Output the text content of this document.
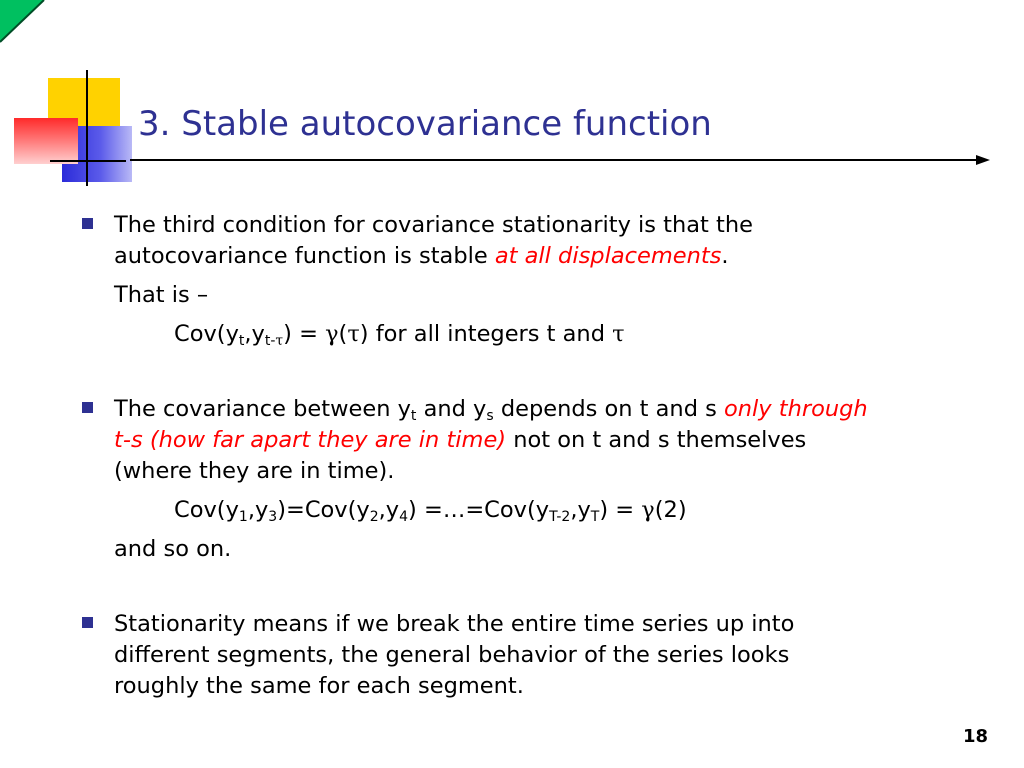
3. Stable autocovariance function
The third condition for covariance stationarity is that the
autocovariance function is stable at all displacements.
That is –
$Cov(y_t,y_{t-\tau}) = \gamma(\tau)$ for all integers t and τ
The covariance between $y_t$ and $y_s$ depends on t and s only through
t-s (how far apart they are in time) not on t and s themselves
(where they are in time).
$Cov(y_1,y_3)=Cov(y_2,y_4)$ $=\dots=Cov(y_{T-2},y_T) = \gamma(2)$
and so on.
Stationarity means if we break the entire time series up into
different segments, the general behavior of the series looks
roughly the same for each segment.
18
